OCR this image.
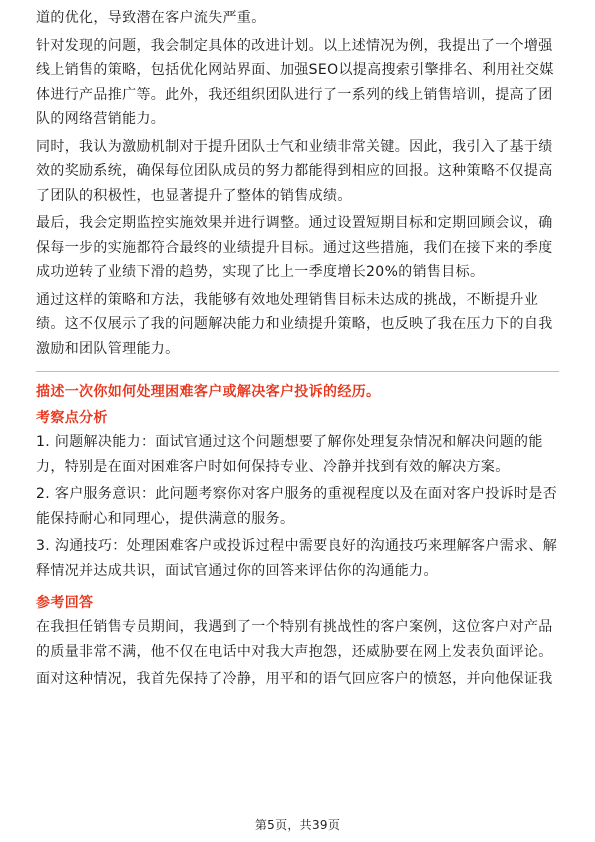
道的优化，导致潜在客户流失严重。

针对发现的问题，我会制定具体的改进计划。以上述情况为例，我提出了一个增强线上销售的策略，包括优化网站界面、加强SEO以提高搜索引擎排名、利用社交媒体进行产品推广等。此外，我还组织团队进行了一系列的线上销售培训，提高了团队的网络营销能力。

同时，我认为激励机制对于提升团队士气和业绩非常关键。因此，我引入了基于绩效的奖励系统，确保每位团队成员的努力都能得到相应的回报。这种策略不仅提高了团队的积极性，也显著提升了整体的销售成绩。

最后，我会定期监控实施效果并进行调整。通过设置短期目标和定期回顾会议，确保每一步的实施都符合最终的业绩提升目标。通过这些措施，我们在接下来的季度成功逆转了业绩下滑的趋势，实现了比上一季度增长20%的销售目标。

通过这样的策略和方法，我能够有效地处理销售目标未达成的挑战，不断提升业绩。这不仅展示了我的问题解决能力和业绩提升策略，也反映了我在压力下的自我激励和团队管理能力。

描述一次你如何处理困难客户或解决客户投诉的经历。

考察点分析

1. 问题解决能力：面试官通过这个问题想要了解你处理复杂情况和解决问题的能力，特别是在面对困难客户时如何保持专业、冷静并找到有效的解决方案。

2. 客户服务意识：此问题考察你对客户服务的重视程度以及在面对客户投诉时是否能保持耐心和同理心，提供满意的服务。

3. 沟通技巧：处理困难客户或投诉过程中需要良好的沟通技巧来理解客户需求、解释情况并达成共识，面试官通过你的回答来评估你的沟通能力。

参考回答

在我担任销售专员期间，我遇到了一个特别有挑战性的客户案例，这位客户对产品的质量非常不满，他不仅在电话中对我大声抱怨，还威胁要在网上发表负面评论。

面对这种情况，我首先保持了冷静，用平和的语气回应客户的愤怒，并向他保证我

第5页，共39页
